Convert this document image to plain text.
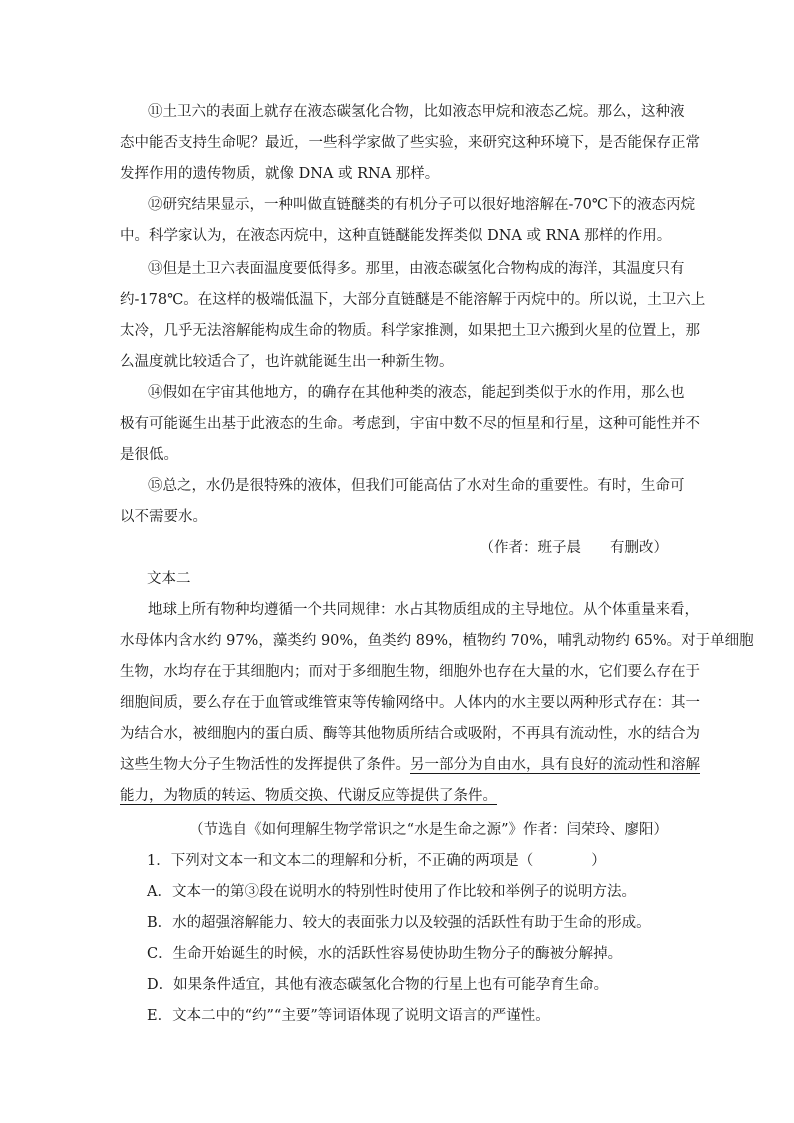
⑪土卫六的表面上就存在液态碳氢化合物，比如液态甲烷和液态乙烷。那么，这种液
态中能否支持生命呢？最近，一些科学家做了些实验，来研究这种环境下，是否能保存正常
发挥作用的遗传物质，就像 DNA 或 RNA 那样。
⑫研究结果显示，一种叫做直链醚类的有机分子可以很好地溶解在-70℃下的液态丙烷
中。科学家认为，在液态丙烷中，这种直链醚能发挥类似 DNA 或 RNA 那样的作用。
⑬但是土卫六表面温度要低得多。那里，由液态碳氢化合物构成的海洋，其温度只有
约-178℃。在这样的极端低温下，大部分直链醚是不能溶解于丙烷中的。所以说，土卫六上
太冷，几乎无法溶解能构成生命的物质。科学家推测，如果把土卫六搬到火星的位置上，那
么温度就比较适合了，也许就能诞生出一种新生物。
⑭假如在宇宙其他地方，的确存在其他种类的液态，能起到类似于水的作用，那么也
极有可能诞生出基于此液态的生命。考虑到，宇宙中数不尽的恒星和行星，这种可能性并不
是很低。
⑮总之，水仍是很特殊的液体，但我们可能高估了水对生命的重要性。有时，生命可
以不需要水。

（作者：班子晨　　有删改）

文本二

地球上所有物种均遵循一个共同规律：水占其物质组成的主导地位。从个体重量来看，
水母体内含水约 97%，藻类约 90%，鱼类约 89%，植物约 70%，哺乳动物约 65%。对于单细胞
生物，水均存在于其细胞内；而对于多细胞生物，细胞外也存在大量的水，它们要么存在于
细胞间质，要么存在于血管或维管束等传输网络中。人体内的水主要以两种形式存在：其一
为结合水，被细胞内的蛋白质、酶等其他物质所结合或吸附，不再具有流动性，水的结合为
这些生物大分子生物活性的发挥提供了条件。另一部分为自由水，具有良好的流动性和溶解
能力，为物质的转运、物质交换、代谢反应等提供了条件。

（节选自《如何理解生物学常识之“水是生命之源”》作者：闫荣玲、廖阳）

1．下列对文本一和文本二的理解和分析，不正确的两项是（　　　　）

A．文本一的第③段在说明水的特别性时使用了作比较和举例子的说明方法。

B．水的超强溶解能力、较大的表面张力以及较强的活跃性有助于生命的形成。

C．生命开始诞生的时候，水的活跃性容易使协助生物分子的酶被分解掉。

D．如果条件适宜，其他有液态碳氢化合物的行星上也有可能孕育生命。

E．文本二中的“约”“主要”等词语体现了说明文语言的严谨性。
